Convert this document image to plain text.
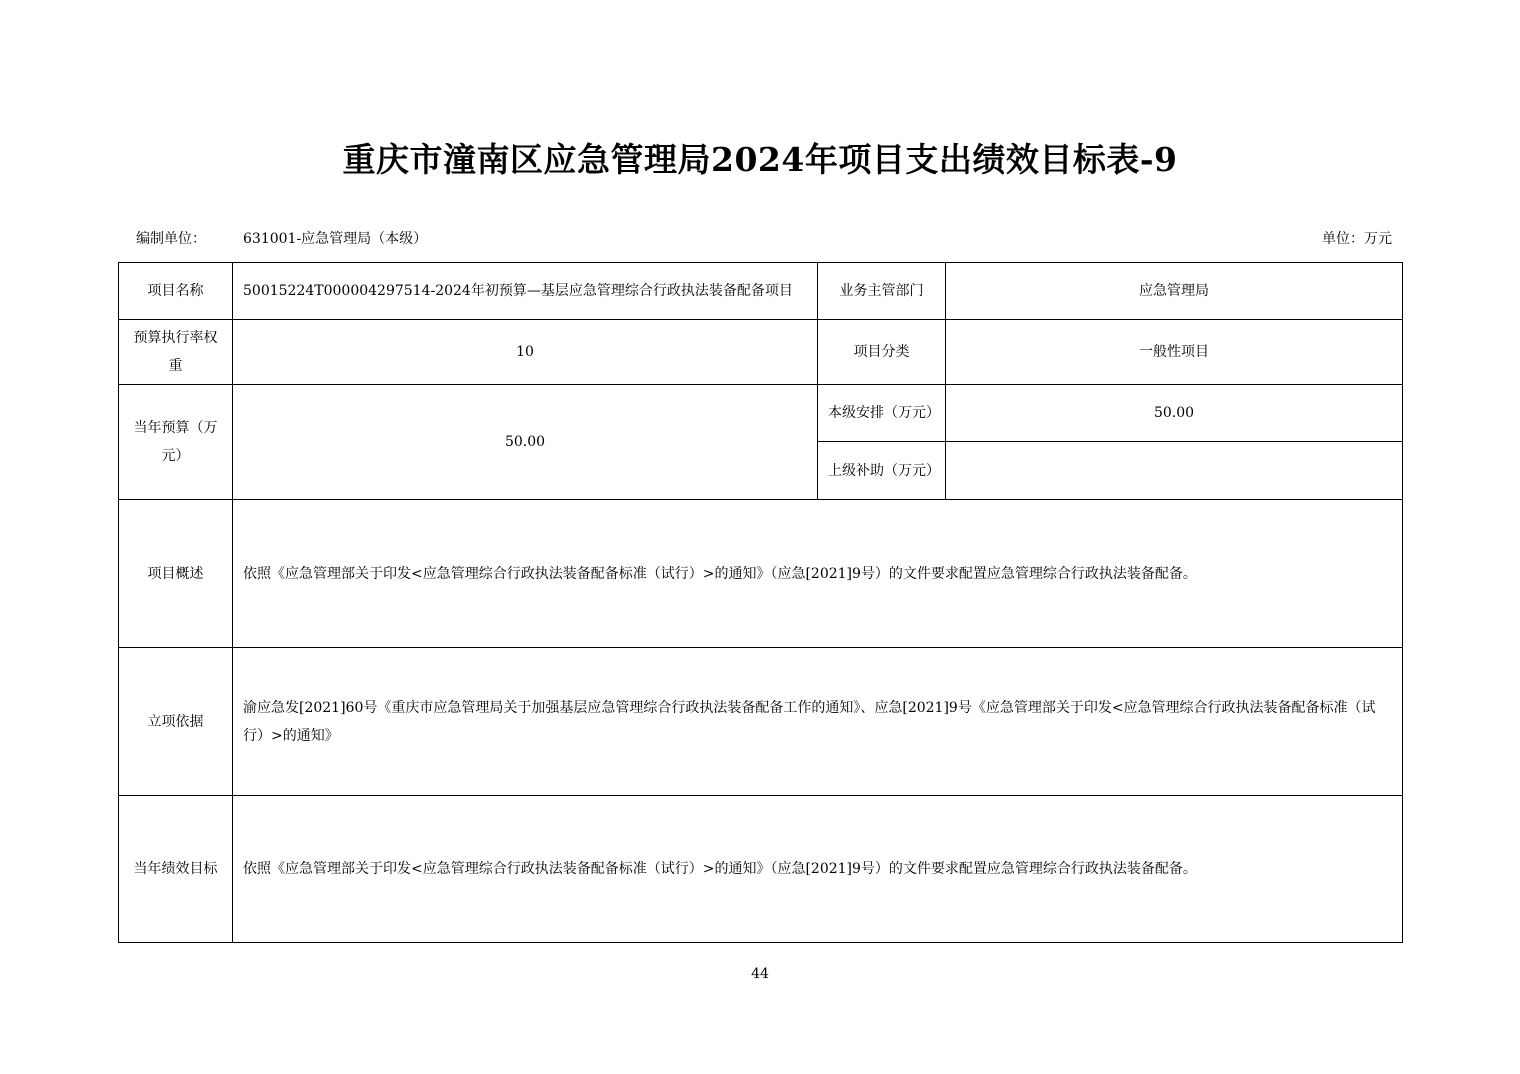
重庆市潼南区应急管理局2024年项目支出绩效目标表-9
编制单位：	631001-应急管理局（本级）	单位：万元
项目名称	50015224T000004297514-2024年初预算—基层应急管理综合行政执法装备配备项目	业务主管部门	应急管理局
预算执行率权重	10	项目分类	一般性项目
当年预算（万元）	50.00	本级安排（万元）	50.00
		上级补助（万元）	
项目概述	依照《应急管理部关于印发<应急管理综合行政执法装备配备标准（试行）>的通知》（应急[2021]9号）的文件要求配置应急管理综合行政执法装备配备。		
立项依据	渝应急发[2021]60号《重庆市应急管理局关于加强基层应急管理综合行政执法装备配备工作的通知》、应急[2021]9号《应急管理部关于印发<应急管理综合行政执法装备配备标准（试行）>的通知》		
当年绩效目标	依照《应急管理部关于印发<应急管理综合行政执法装备配备标准（试行）>的通知》（应急[2021]9号）的文件要求配置应急管理综合行政执法装备配备。		
44
